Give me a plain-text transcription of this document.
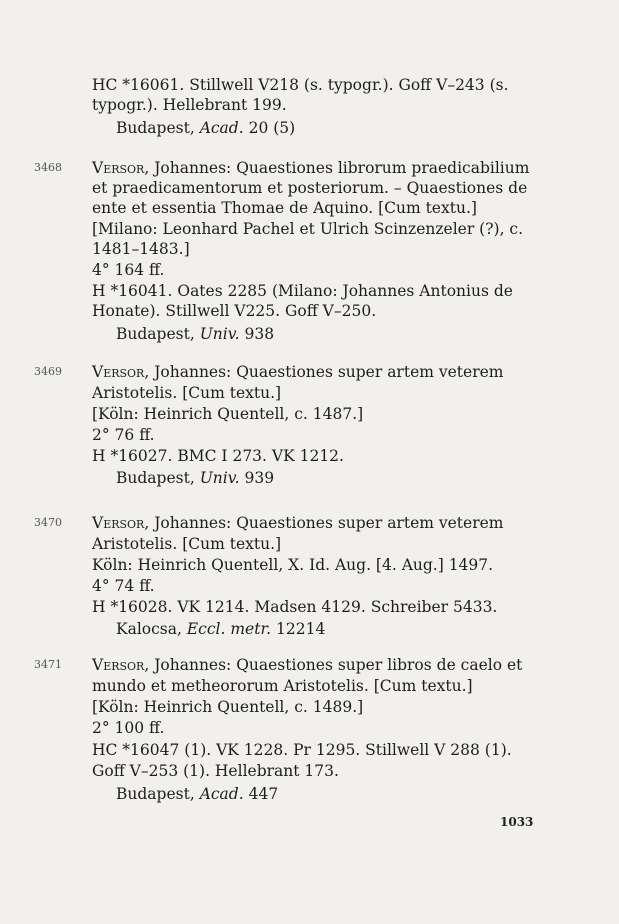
HC *16061. Stillwell V218 (s. typogr.). Goff V–243 (s.
typogr.). Hellebrant 199.
Budapest, Acad. 20 (5)
3468 Versor, Johannes: Quaestiones librorum praedicabilium
et praedicamentorum et posteriorum. – Quaestiones de
ente et essentia Thomae de Aquino. [Cum textu.]
[Milano: Leonhard Pachel et Ulrich Scinzenzeler (?), c.
1481–1483.]
4° 164 ff.
H *16041. Oates 2285 (Milano: Johannes Antonius de
Honate). Stillwell V225. Goff V–250.
Budapest, Univ. 938
3469 Versor, Johannes: Quaestiones super artem veterem
Aristotelis. [Cum textu.]
[Köln: Heinrich Quentell, c. 1487.]
2° 76 ff.
H *16027. BMC I 273. VK 1212.
Budapest, Univ. 939
3470 Versor, Johannes: Quaestiones super artem veterem
Aristotelis. [Cum textu.]
Köln: Heinrich Quentell, X. Id. Aug. [4. Aug.] 1497.
4° 74 ff.
H *16028. VK 1214. Madsen 4129. Schreiber 5433.
Kalocsa, Eccl. metr. 12214
3471 Versor, Johannes: Quaestiones super libros de caelo et
mundo et metheororum Aristotelis. [Cum textu.]
[Köln: Heinrich Quentell, c. 1489.]
2° 100 ff.
HC *16047 (1). VK 1228. Pr 1295. Stillwell V 288 (1).
Goff V–253 (1). Hellebrant 173.
Budapest, Acad. 447
1033
